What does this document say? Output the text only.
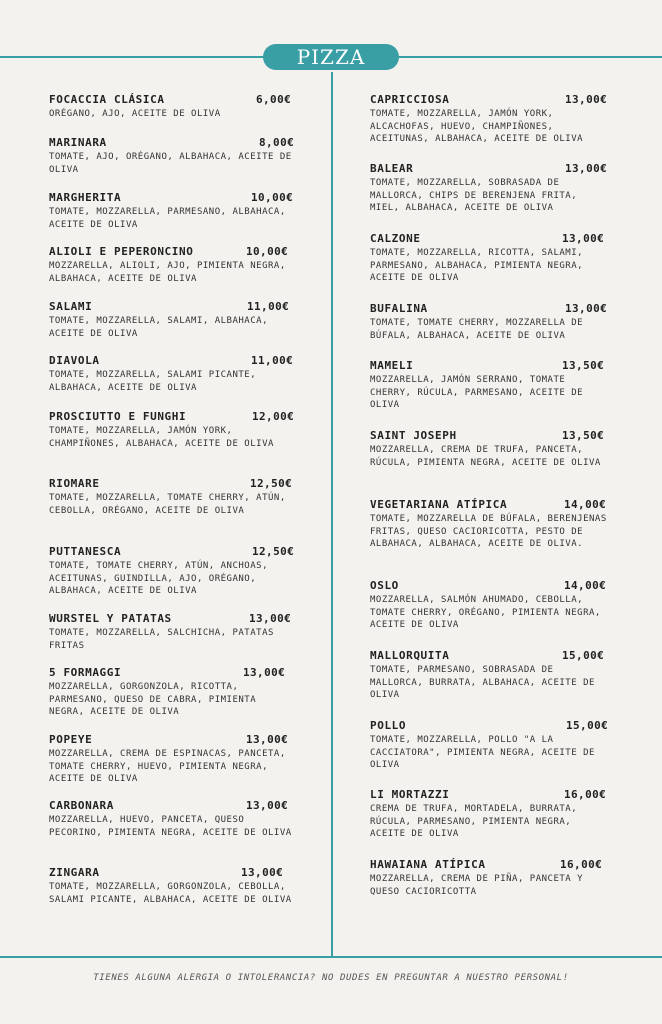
PIZZA
FOCACCIA CLÁSICA	6,00€
ORÉGANO, AJO, ACEITE DE OLIVA
MARINARA	8,00€
TOMATE, AJO, ORÉGANO, ALBAHACA, ACEITE DE OLIVA
MARGHERITA	10,00€
TOMATE, MOZZARELLA, PARMESANO, ALBAHACA, ACEITE DE OLIVA
ALIOLI E PEPERONCINO	10,00€
MOZZARELLA, ALIOLI, AJO, PIMIENTA NEGRA, ALBAHACA, ACEITE DE OLIVA
SALAMI	11,00€
TOMATE, MOZZARELLA, SALAMI, ALBAHACA, ACEITE DE OLIVA
DIAVOLA	11,00€
TOMATE, MOZZARELLA, SALAMI PICANTE, ALBAHACA, ACEITE DE OLIVA
PROSCIUTTO E FUNGHI	12,00€
TOMATE, MOZZARELLA, JAMÓN YORK, CHAMPIÑONES, ALBAHACA, ACEITE DE OLIVA
RIOMARE	12,50€
TOMATE, MOZZARELLA, TOMATE CHERRY, ATÚN, CEBOLLA, ORÉGANO, ACEITE DE OLIVA
PUTTANESCA	12,50€
TOMATE, TOMATE CHERRY, ATÚN, ANCHOAS, ACEITUNAS, GUINDILLA, AJO, ORÉGANO, ALBAHACA, ACEITE DE OLIVA
WURSTEL Y PATATAS	13,00€
TOMATE, MOZZARELLA, SALCHICHA, PATATAS FRITAS
5 FORMAGGI	13,00€
MOZZARELLA, GORGONZOLA, RICOTTA, PARMESANO, QUESO DE CABRA, PIMIENTA NEGRA, ACEITE DE OLIVA
POPEYE	13,00€
MOZZARELLA, CREMA DE ESPINACAS, PANCETA, TOMATE CHERRY, HUEVO, PIMIENTA NEGRA, ACEITE DE OLIVA
CARBONARA	13,00€
MOZZARELLA, HUEVO, PANCETA, QUESO PECORINO, PIMIENTA NEGRA, ACEITE DE OLIVA
ZINGARA	13,00€
TOMATE, MOZZARELLA, GORGONZOLA, CEBOLLA, SALAMI PICANTE, ALBAHACA, ACEITE DE OLIVA
CAPRICCIOSA	13,00€
TOMATE, MOZZARELLA, JAMÓN YORK, ALCACHOFAS, HUEVO, CHAMPIÑONES, ACEITUNAS, ALBAHACA, ACEITE DE OLIVA
BALEAR	13,00€
TOMATE, MOZZARELLA, SOBRASADA DE MALLORCA, CHIPS DE BERENJENA FRITA, MIEL, ALBAHACA, ACEITE DE OLIVA
CALZONE	13,00€
TOMATE, MOZZARELLA, RICOTTA, SALAMI, PARMESANO, ALBAHACA, PIMIENTA NEGRA, ACEITE DE OLIVA
BUFALINA	13,00€
TOMATE, TOMATE CHERRY, MOZZARELLA DE BÚFALA, ALBAHACA, ACEITE DE OLIVA
MAMELI	13,50€
MOZZARELLA, JAMÓN SERRANO, TOMATE CHERRY, RÚCULA, PARMESANO, ACEITE DE OLIVA
SAINT JOSEPH	13,50€
MOZZARELLA, CREMA DE TRUFA, PANCETA, RÚCULA, PIMIENTA NEGRA, ACEITE DE OLIVA
VEGETARIANA ATÍPICA	14,00€
TOMATE, MOZZARELLA DE BÚFALA, BERENJENAS FRITAS, QUESO CACIORICOTTA, PESTO DE ALBAHACA, ALBAHACA, ACEITE DE OLIVA.
OSLO	14,00€
MOZZARELLA, SALMÓN AHUMADO, CEBOLLA, TOMATE CHERRY, ORÉGANO, PIMIENTA NEGRA, ACEITE DE OLIVA
MALLORQUITA	15,00€
TOMATE, PARMESANO, SOBRASADA DE MALLORCA, BURRATA, ALBAHACA, ACEITE DE OLIVA
POLLO	15,00€
TOMATE, MOZZARELLA, POLLO "A LA CACCIATORA", PIMIENTA NEGRA, ACEITE DE OLIVA
LI MORTAZZI	16,00€
CREMA DE TRUFA, MORTADELA, BURRATA, RÚCULA, PARMESANO, PIMIENTA NEGRA, ACEITE DE OLIVA
HAWAIANA ATÍPICA	16,00€
MOZZARELLA, CREMA DE PIÑA, PANCETA Y QUESO CACIORICOTTA
TIENES ALGUNA ALERGIA O INTOLERANCIA? NO DUDES EN PREGUNTAR A NUESTRO PERSONAL!
